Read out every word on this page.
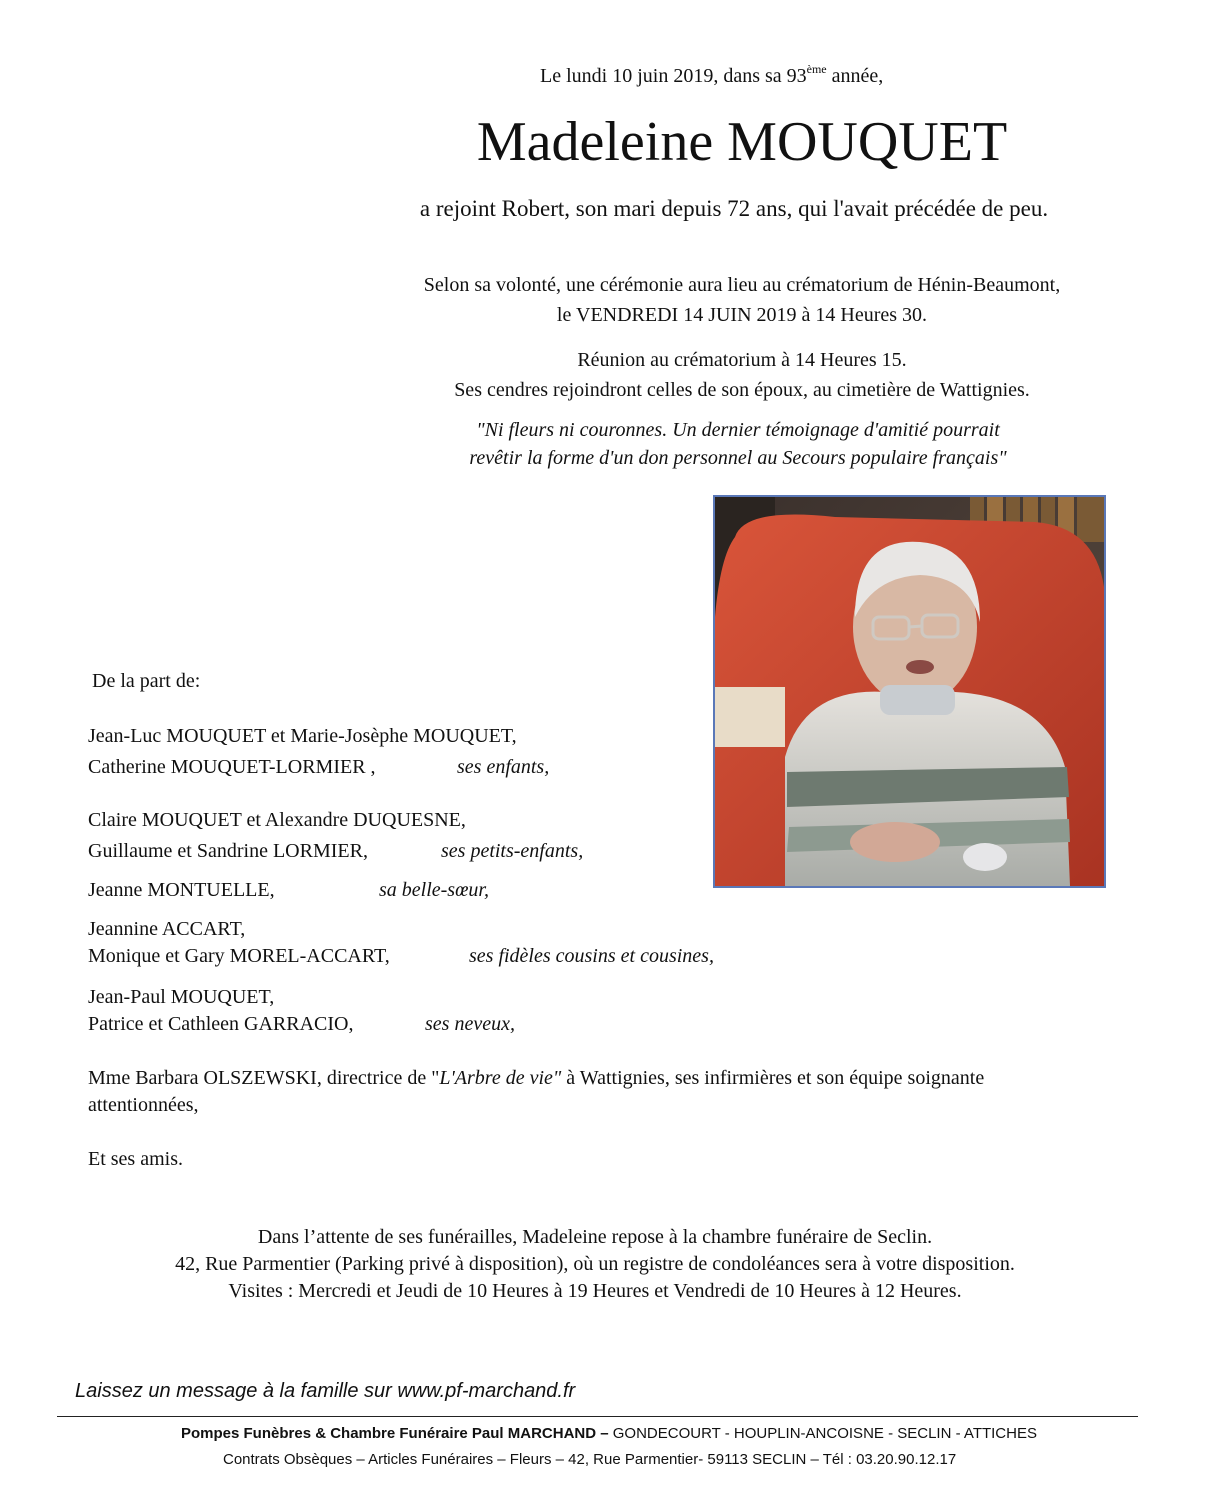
Le lundi 10 juin 2019, dans sa 93ème année,
Madeleine MOUQUET
a rejoint Robert, son mari depuis 72 ans, qui l'avait précédée de peu.
Selon sa volonté, une cérémonie aura lieu au crématorium de Hénin-Beaumont,
le VENDREDI 14 JUIN 2019 à 14 Heures 30.
Réunion au crématorium à 14 Heures 15.
Ses cendres rejoindront celles de son époux, au cimetière de Wattignies.
"Ni fleurs ni couronnes. Un dernier témoignage d'amitié pourrait
revêtir la forme d'un don personnel au Secours populaire français"
De la part de:
Jean-Luc MOUQUET et Marie-Josèphe MOUQUET,
Catherine MOUQUET-LORMIER ,	ses enfants,
Claire MOUQUET et Alexandre DUQUESNE,
Guillaume et Sandrine LORMIER,	ses petits-enfants,
Jeanne MONTUELLE,	sa belle-sœur,
Jeannine ACCART,
Monique et Gary MOREL-ACCART,	ses fidèles cousins et cousines,
Jean-Paul MOUQUET,
Patrice et Cathleen GARRACIO,	ses neveux,
Mme Barbara OLSZEWSKI, directrice de "L'Arbre de vie" à Wattignies, ses infirmières et son équipe soignante
attentionnées,
Et ses amis.
Dans l’attente de ses funérailles, Madeleine repose à la chambre funéraire de Seclin.
42, Rue Parmentier (Parking privé à disposition), où un registre de condoléances sera à votre disposition.
Visites : Mercredi et Jeudi de 10 Heures à 19 Heures et Vendredi de 10 Heures à 12 Heures.
Laissez un message à la famille sur www.pf-marchand.fr
Pompes Funèbres & Chambre Funéraire Paul MARCHAND – GONDECOURT - HOUPLIN-ANCOISNE - SECLIN - ATTICHES
Contrats Obsèques – Articles Funéraires – Fleurs – 42, Rue Parmentier- 59113 SECLIN – Tél : 03.20.90.12.17
